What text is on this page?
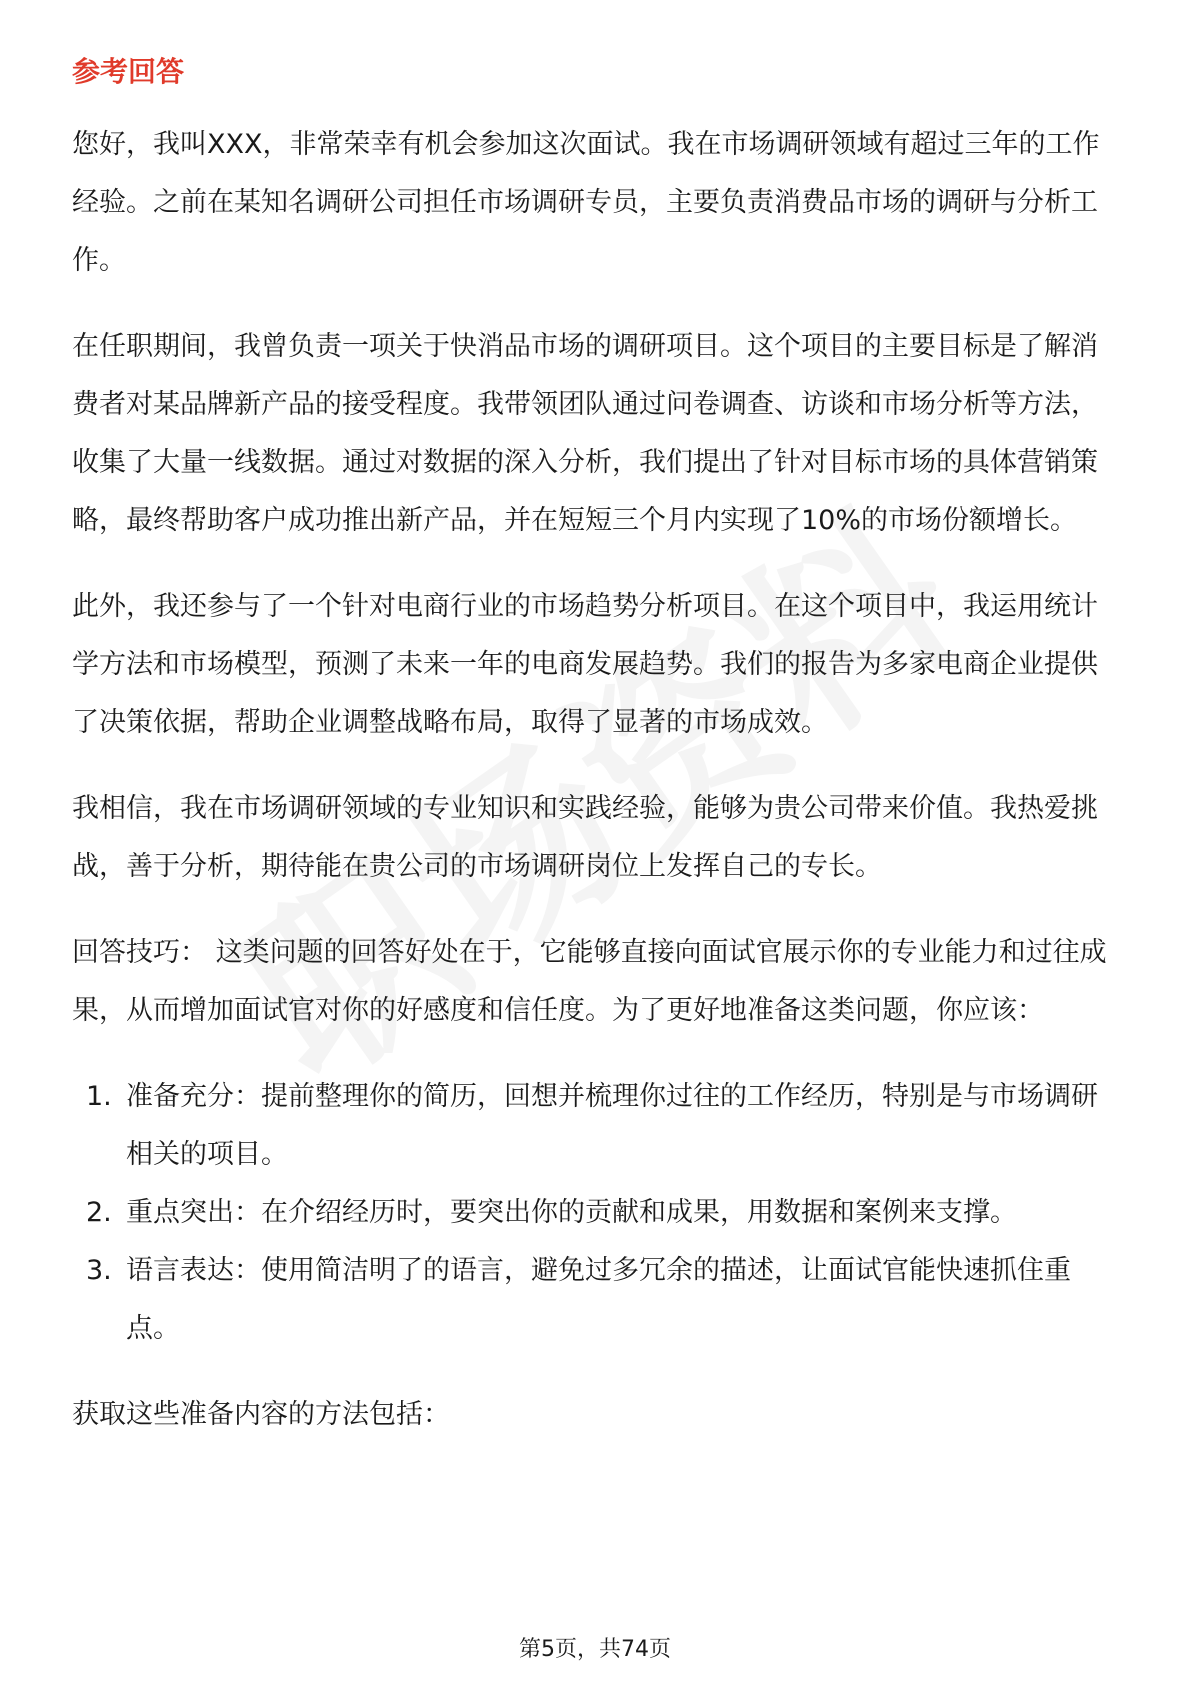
参考回答

您好，我叫XXX，非常荣幸有机会参加这次面试。我在市场调研领域有超过三年的工作经验。之前在某知名调研公司担任市场调研专员，主要负责消费品市场的调研与分析工作。

在任职期间，我曾负责一项关于快消品市场的调研项目。这个项目的主要目标是了解消费者对某品牌新产品的接受程度。我带领团队通过问卷调查、访谈和市场分析等方法，收集了大量一线数据。通过对数据的深入分析，我们提出了针对目标市场的具体营销策略，最终帮助客户成功推出新产品，并在短短三个月内实现了10%的市场份额增长。

此外，我还参与了一个针对电商行业的市场趋势分析项目。在这个项目中，我运用统计学方法和市场模型，预测了未来一年的电商发展趋势。我们的报告为多家电商企业提供了决策依据，帮助企业调整战略布局，取得了显著的市场成效。

我相信，我在市场调研领域的专业知识和实践经验，能够为贵公司带来价值。我热爱挑战，善于分析，期待能在贵公司的市场调研岗位上发挥自己的专长。

回答技巧： 这类问题的回答好处在于，它能够直接向面试官展示你的专业能力和过往成果，从而增加面试官对你的好感度和信任度。为了更好地准备这类问题，你应该：

1. 准备充分：提前整理你的简历，回想并梳理你过往的工作经历，特别是与市场调研相关的项目。
2. 重点突出：在介绍经历时，要突出你的贡献和成果，用数据和案例来支撑。
3. 语言表达：使用简洁明了的语言，避免过多冗余的描述，让面试官能快速抓住重点。

获取这些准备内容的方法包括：

第5页，共74页
